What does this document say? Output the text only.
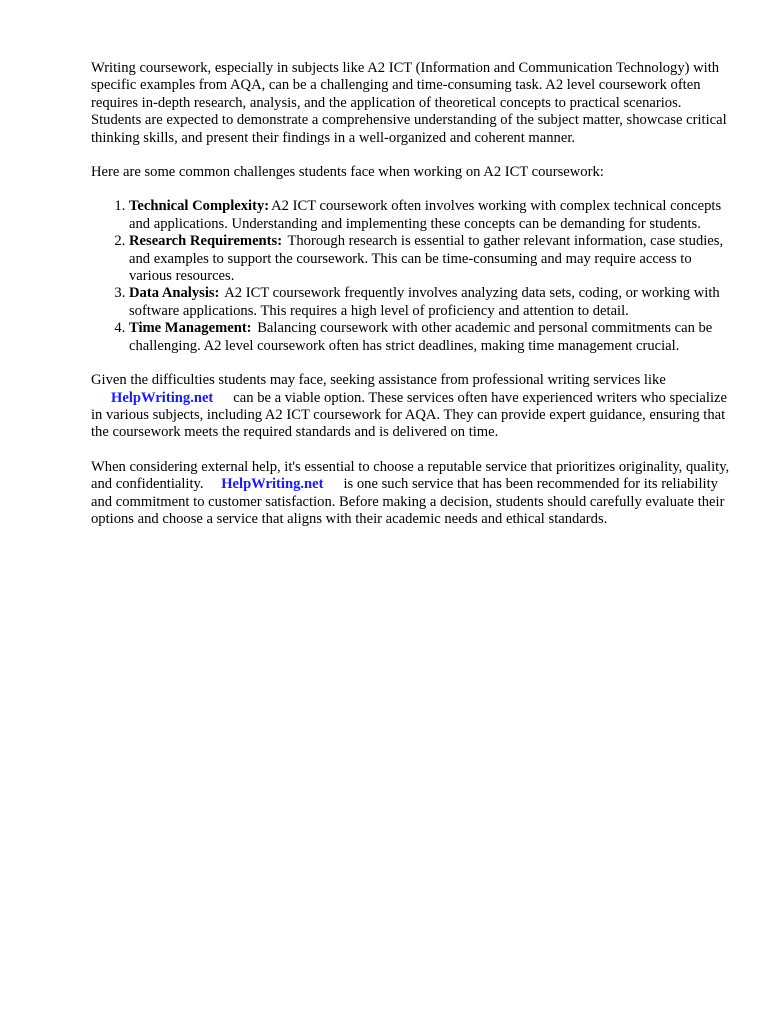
Writing coursework, especially in subjects like A2 ICT (Information and Communication Technology) with specific examples from AQA, can be a challenging and time-consuming task. A2 level coursework often requires in-depth research, analysis, and the application of theoretical concepts to practical scenarios. Students are expected to demonstrate a comprehensive understanding of the subject matter, showcase critical thinking skills, and present their findings in a well-organized and coherent manner.

Here are some common challenges students face when working on A2 ICT coursework:

1. Technical Complexity: A2 ICT coursework often involves working with complex technical concepts and applications. Understanding and implementing these concepts can be demanding for students.
2. Research Requirements: Thorough research is essential to gather relevant information, case studies, and examples to support the coursework. This can be time-consuming and may require access to various resources.
3. Data Analysis: A2 ICT coursework frequently involves analyzing data sets, coding, or working with software applications. This requires a high level of proficiency and attention to detail.
4. Time Management: Balancing coursework with other academic and personal commitments can be challenging. A2 level coursework often has strict deadlines, making time management crucial.

Given the difficulties students may face, seeking assistance from professional writing services like HelpWriting.net can be a viable option. These services often have experienced writers who specialize in various subjects, including A2 ICT coursework for AQA. They can provide expert guidance, ensuring that the coursework meets the required standards and is delivered on time.

When considering external help, it's essential to choose a reputable service that prioritizes originality, quality, and confidentiality. HelpWriting.net is one such service that has been recommended for its reliability and commitment to customer satisfaction. Before making a decision, students should carefully evaluate their options and choose a service that aligns with their academic needs and ethical standards.
